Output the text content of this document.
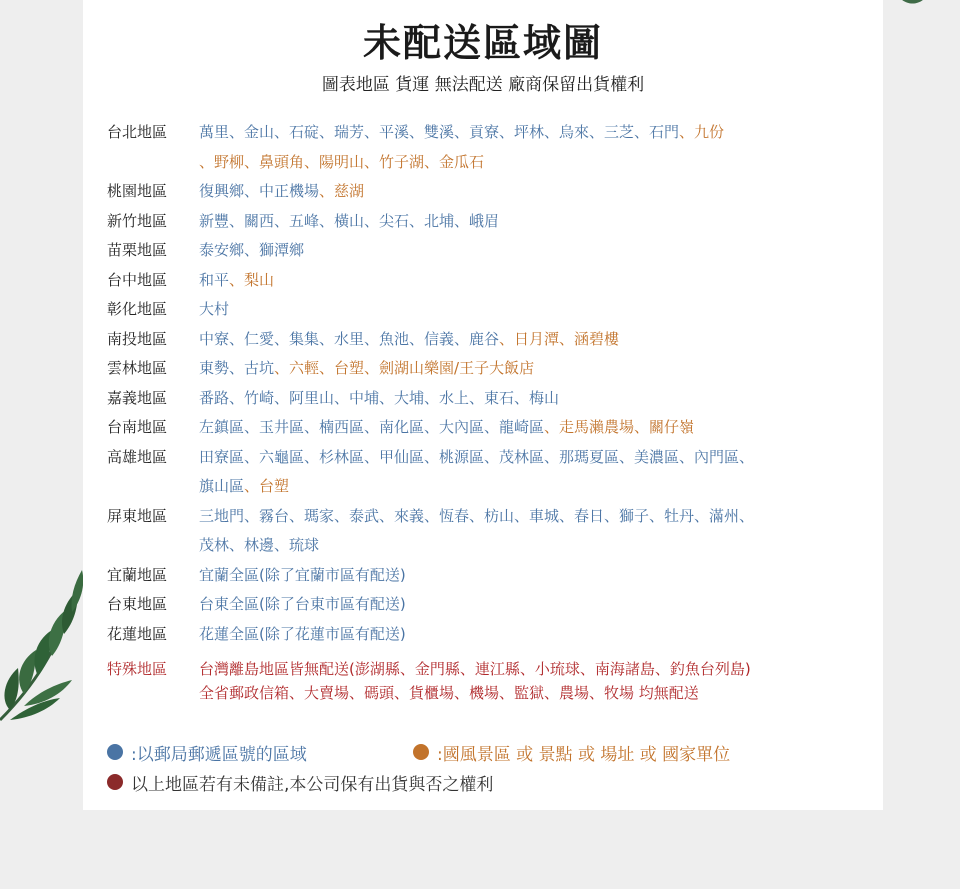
未配送區域圖
圖表地區 貨運 無法配送 廠商保留出貨權利
台北地區	萬里、金山、石碇、瑞芳、平溪、雙溪、貢寮、坪林、烏來、三芝、石門、九份
、野柳、鼻頭角、陽明山、竹子湖、金瓜石
桃園地區	復興鄉、中正機場、慈湖
新竹地區	新豐、關西、五峰、橫山、尖石、北埔、峨眉
苗栗地區	泰安鄉、獅潭鄉
台中地區	和平、梨山
彰化地區	大村
南投地區	中寮、仁愛、集集、水里、魚池、信義、鹿谷、日月潭、涵碧樓
雲林地區	東勢、古坑、六輕、台塑、劍湖山樂園/王子大飯店
嘉義地區	番路、竹崎、阿里山、中埔、大埔、水上、東石、梅山
台南地區	左鎮區、玉井區、楠西區、南化區、大內區、龍崎區、走馬瀨農場、關仔嶺
高雄地區	田寮區、六龜區、杉林區、甲仙區、桃源區、茂林區、那瑪夏區、美濃區、內門區、
旗山區、台塑
屏東地區	三地門、霧台、瑪家、泰武、來義、恆春、枋山、車城、春日、獅子、牡丹、滿州、
茂林、林邊、琉球
宜蘭地區	宜蘭全區(除了宜蘭市區有配送)
台東地區	台東全區(除了台東市區有配送)
花蓮地區	花蓮全區(除了花蓮市區有配送)
特殊地區	台灣離島地區皆無配送(澎湖縣、金門縣、連江縣、小琉球、南海諸島、釣魚台列島)
全省郵政信箱、大賣場、碼頭、貨櫃場、機場、監獄、農場、牧場 均無配送
:以郵局郵遞區號的區域	:國風景區 或 景點 或 場址 或 國家單位
以上地區若有未備註,本公司保有出貨與否之權利
